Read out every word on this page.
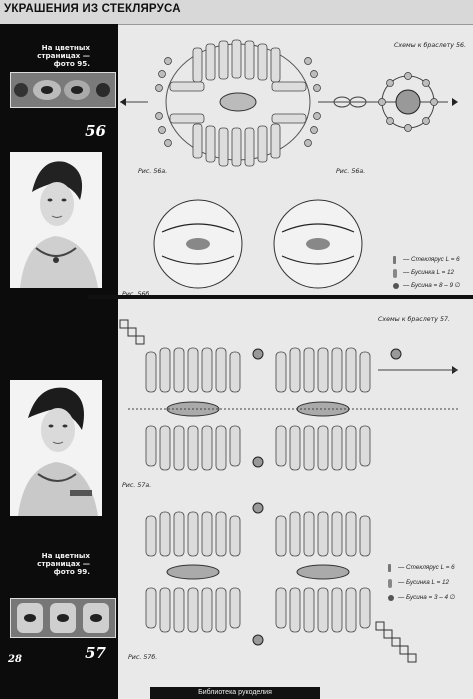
УКРАШЕНИЯ ИЗ СТЕКЛЯРУСА
На цветных
страницах —
фото 95.
56
На цветных
страницах —
фото 99.
57
28
Схемы к браслету 56.
Рис. 56а.	Рис. 56а.
— Стеклярус L = 6
— Бусинка L = 12
— Бусина = 8 – 9 ∅
Схемы к браслету 57.
Рис. 57а.
Рис. 57б.
— Стеклярус L = 6
— Бусинка L = 12
— Бусина = 3 – 4 ∅
Библиотека рукоделия
